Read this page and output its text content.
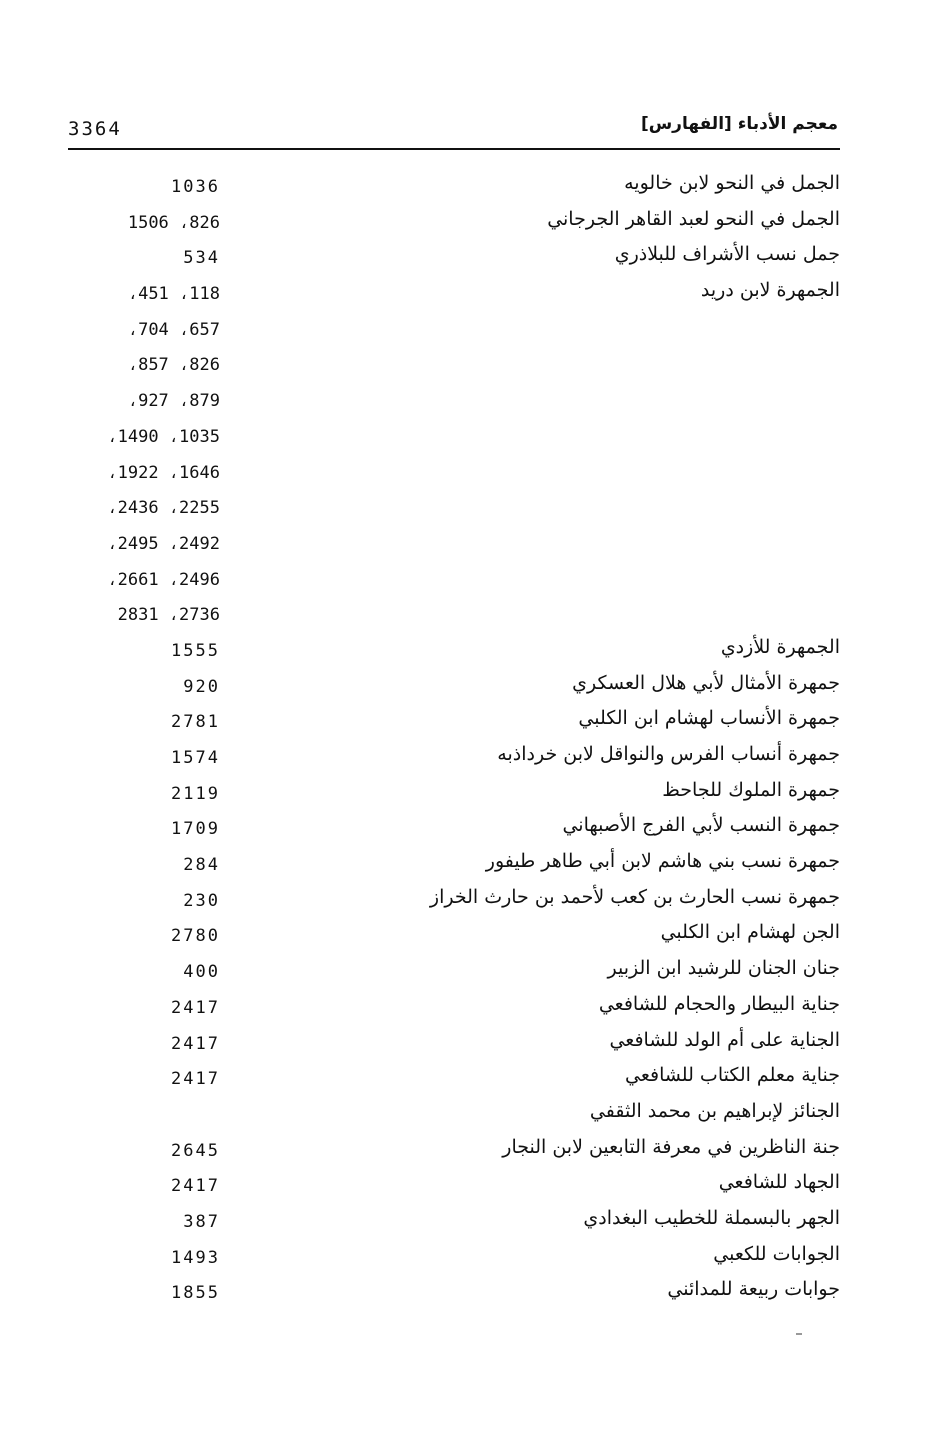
3364	معجم الأدباء [الفهارس]
الجمل في النحو لابن خالويه
1036
الجمل في النحو لعبد القاهر الجرجاني
826، 1506
جمل نسب الأشراف للبلاذري
534
الجمهرة لابن دريد
118، 451،
657، 704،
826، 857،
879، 927،
1035، 1490،
1646، 1922،
2255، 2436،
2492، 2495،
2496، 2661،
2736، 2831
الجمهرة للأزدي
1555
جمهرة الأمثال لأبي هلال العسكري
920
جمهرة الأنساب لهشام ابن الكلبي
2781
جمهرة أنساب الفرس والنواقل لابن خرداذبه
1574
جمهرة الملوك للجاحظ
2119
جمهرة النسب لأبي الفرج الأصبهاني
1709
جمهرة نسب بني هاشم لابن أبي طاهر طيفور
284
جمهرة نسب الحارث بن كعب لأحمد بن حارث الخراز
230
الجن لهشام ابن الكلبي
2780
جنان الجنان للرشيد ابن الزبير
400
جناية البيطار والحجام للشافعي
2417
الجناية على أم الولد للشافعي
2417
جناية معلم الكتاب للشافعي
2417
الجنائز لإبراهيم بن محمد الثقفي
جنة الناظرين في معرفة التابعين لابن النجار
2645
الجهاد للشافعي
2417
الجهر بالبسملة للخطيب البغدادي
387
الجوابات للكعبي
1493
جوابات ربيعة للمدائني
1855
